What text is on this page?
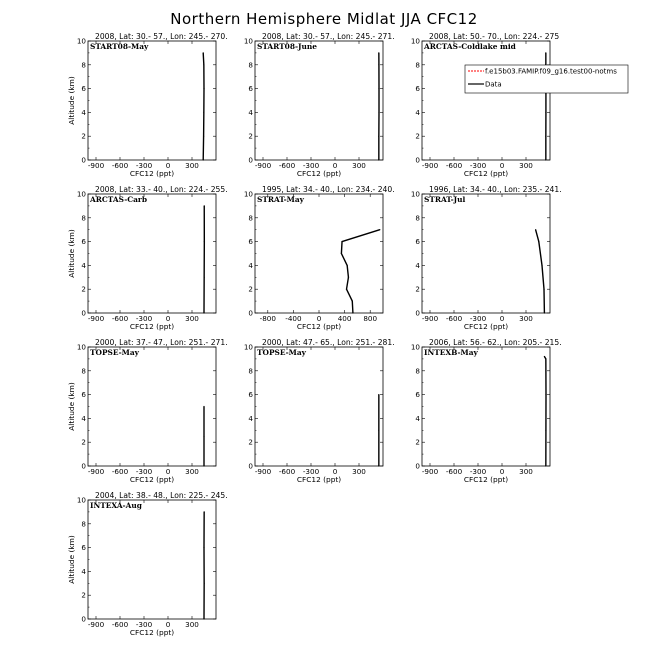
Northern Hemisphere Midlat JJA CFC12
2008, Lat: 30.- 57., Lon: 245.- 270.
START08-May
0
2
4
6
8
10
-900 -600 -300 0 300
CFC12 (ppt)
Altitude (km)
2008, Lat: 30.- 57., Lon: 245.- 271.
START08-June
0
2
4
6
8
10
-900 -600 -300 0 300
CFC12 (ppt)
2008, Lat: 50.- 70., Lon: 224.- 275
ARCTAS-Coldlake mid
0
2
4
6
8
10
-900 -600 -300 0 300
CFC12 (ppt)
2008, Lat: 33.- 40., Lon: 224.- 255.
ARCTAS-Carb
0
2
4
6
8
10
-900 -600 -300 0 300
CFC12 (ppt)
Altitude (km)
1995, Lat: 34.- 40., Lon: 234.- 240.
STRAT-May
0
2
4
6
8
10
-800 -400 0 400 800
CFC12 (ppt)
1996, Lat: 34.- 40., Lon: 235.- 241.
STRAT-Jul
0
2
4
6
8
10
-900 -600 -300 0 300
CFC12 (ppt)
2000, Lat: 37.- 47., Lon: 251.- 271.
TOPSE-May
0
2
4
6
8
10
-900 -600 -300 0 300
CFC12 (ppt)
Altitude (km)
2000, Lat: 47.- 65., Lon: 251.- 281.
TOPSE-May
0
2
4
6
8
10
-900 -600 -300 0 300
CFC12 (ppt)
2006, Lat: 56.- 62., Lon: 205.- 215.
INTEXB-May
0
2
4
6
8
10
-900 -600 -300 0 300
CFC12 (ppt)
2004, Lat: 38.- 48., Lon: 225.- 245.
INTEXA-Aug
0
2
4
6
8
10
-900 -600 -300 0 300
CFC12 (ppt)
Altitude (km)
f.e15b03.FAMIP.f09_g16.test00-notms
Data
